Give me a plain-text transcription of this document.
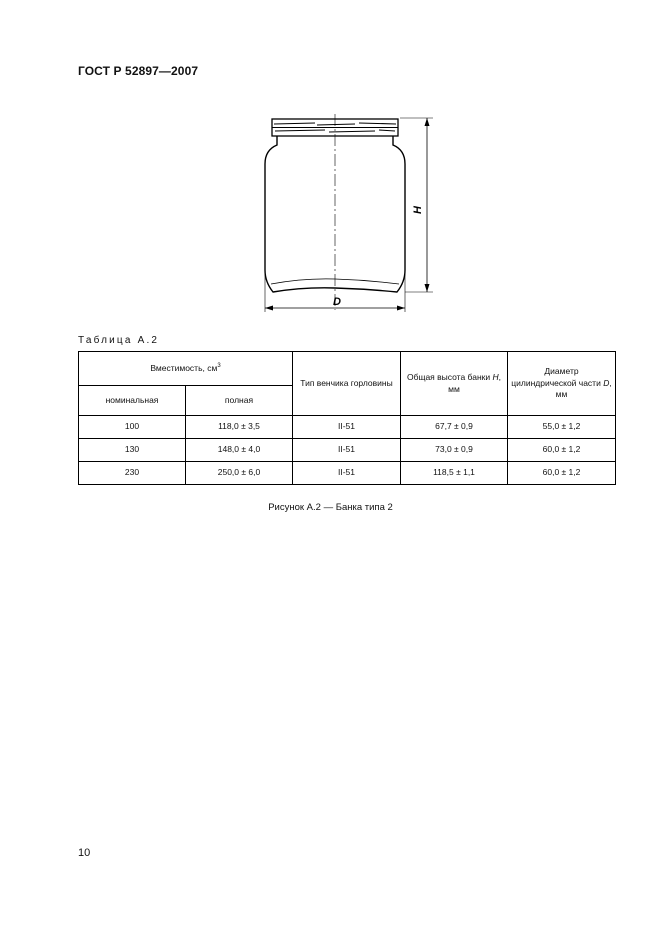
ГОСТ Р 52897—2007
H
D
Таблица А.2
Вместимость, $см^3$		Тип венчика горловины	Общая высота банки H, мм	Диаметр цилиндрической части D, мм
номинальная	полная			
100	118,0 ± 3,5	II-51	67,7 ± 0,9	55,0 ± 1,2
130	148,0 ± 4,0	II-51	73,0 ± 0,9	60,0 ± 1,2
230	250,0 ± 6,0	II-51	118,5 ± 1,1	60,0 ± 1,2
Рисунок А.2 — Банка типа 2
10
